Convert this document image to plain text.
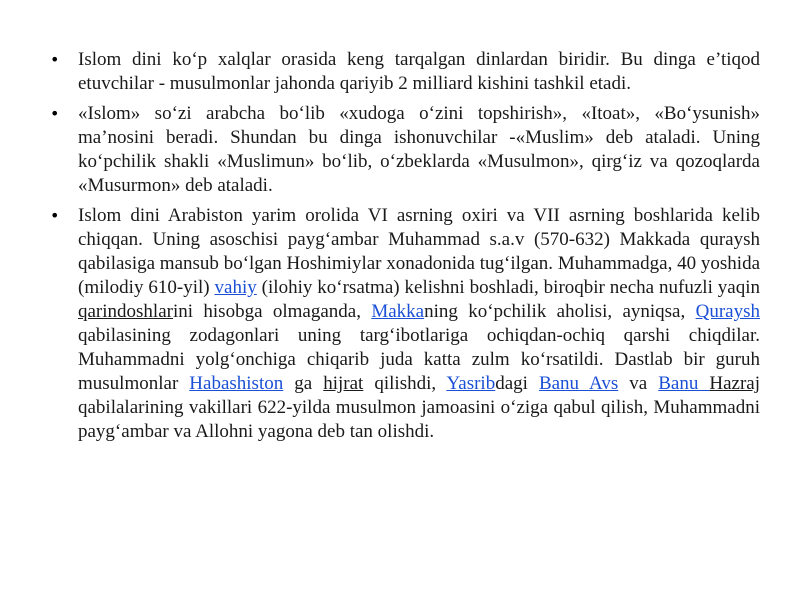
• Islom dini ko‘p xalqlar orasida keng tarqalgan dinlardan biridir. Bu dinga e’tiqod etuvchilar - musulmonlar jahonda qariyib 2 milliard kishini tashkil etadi.
• «Islom» so‘zi arabcha bo‘lib «xudoga o‘zini topshirish», «Itoat», «Bo‘ysunish» ma’nosini beradi. Shundan bu dinga ishonuvchilar -«Muslim» deb ataladi. Uning ko‘pchilik shakli «Muslimun» bo‘lib, o‘zbeklarda «Musulmon», qirg‘iz va qozoqlarda «Musurmon» deb ataladi.
• Islom dini Arabiston yarim orolida VI asrning oxiri va VII asrning boshlarida kelib chiqqan. Uning asoschisi payg‘ambar Muhammad s.a.v (570-632) Makkada quraysh qabilasiga mansub bo‘lgan Hoshimiylar xonadonida tug‘ilgan. Muhammadga, 40 yoshida (milodiy 610-yil) vahiy (ilohiy ko‘rsatma) kelishni boshladi, biroqbir necha nufuzli yaqin qarindoshlarini hisobga olmaganda, Makkaning ko‘pchilik aholisi, ayniqsa, Quraysh qabilasining zodagonlari uning targ‘ibotlariga ochiqdan-ochiq qarshi chiqdilar. Muhammadni yolg‘onchiga chiqarib juda katta zulm ko‘rsatildi. Dastlab bir guruh musulmonlar Habashiston ga hijrat qilishdi, Yasribdagi Banu Avs va Banu Hazraj qabilalarining vakillari 622-yilda musulmon jamoasini o‘ziga qabul qilish, Muhammadni payg‘ambar va Allohni yagona deb tan olishdi.
